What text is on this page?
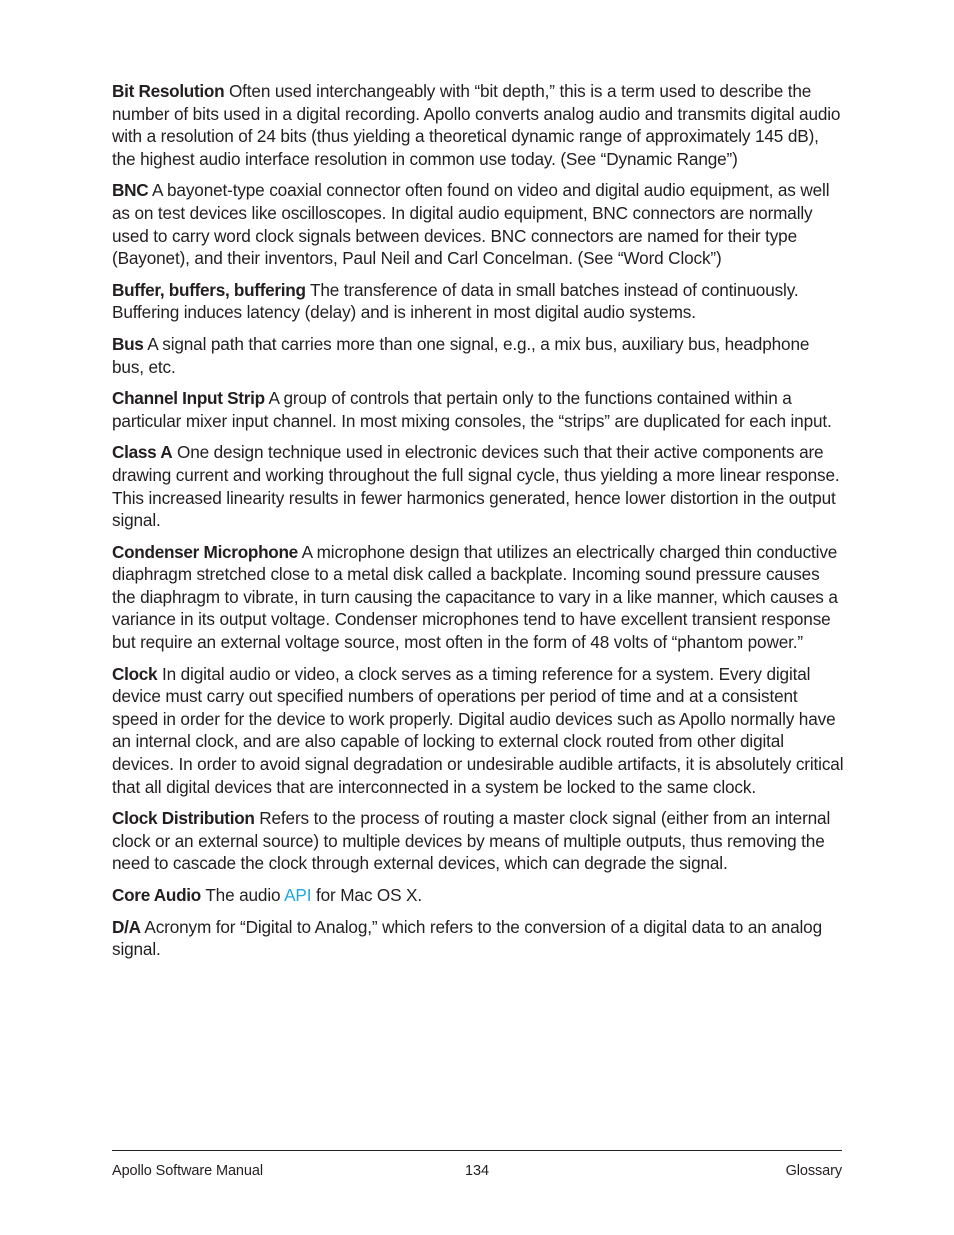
Bit Resolution Often used interchangeably with “bit depth,” this is a term used to describe the number of bits used in a digital recording. Apollo converts analog audio and transmits digital audio with a resolution of 24 bits (thus yielding a theoretical dynamic range of approximately 145 dB), the highest audio interface resolution in common use today. (See “Dynamic Range”)

BNC A bayonet-type coaxial connector often found on video and digital audio equipment, as well as on test devices like oscilloscopes. In digital audio equipment, BNC connectors are normally used to carry word clock signals between devices. BNC connectors are named for their type (Bayonet), and their inventors, Paul Neil and Carl Concelman. (See “Word Clock”)

Buffer, buffers, buffering The transference of data in small batches instead of continuously. Buffering induces latency (delay) and is inherent in most digital audio systems.

Bus A signal path that carries more than one signal, e.g., a mix bus, auxiliary bus, headphone bus, etc.

Channel Input Strip A group of controls that pertain only to the functions contained within a particular mixer input channel. In most mixing consoles, the “strips” are duplicated for each input.

Class A One design technique used in electronic devices such that their active components are drawing current and working throughout the full signal cycle, thus yielding a more linear response. This increased linearity results in fewer harmonics generated, hence lower distortion in the output signal.

Condenser Microphone A microphone design that utilizes an electrically charged thin conductive diaphragm stretched close to a metal disk called a backplate. Incoming sound pressure causes the diaphragm to vibrate, in turn causing the capacitance to vary in a like manner, which causes a variance in its output voltage. Condenser microphones tend to have excellent transient response but require an external voltage source, most often in the form of 48 volts of “phantom power.”

Clock In digital audio or video, a clock serves as a timing reference for a system. Every digital device must carry out specified numbers of operations per period of time and at a consistent speed in order for the device to work properly. Digital audio devices such as Apollo normally have an internal clock, and are also capable of locking to external clock routed from other digital devices. In order to avoid signal degradation or undesirable audible artifacts, it is absolutely critical that all digital devices that are interconnected in a system be locked to the same clock.

Clock Distribution Refers to the process of routing a master clock signal (either from an internal clock or an external source) to multiple devices by means of multiple outputs, thus removing the need to cascade the clock through external devices, which can degrade the signal.

Core Audio The audio API for Mac OS X.

D/A Acronym for “Digital to Analog,” which refers to the conversion of a digital data to an analog signal.

Apollo Software Manual	134	Glossary
